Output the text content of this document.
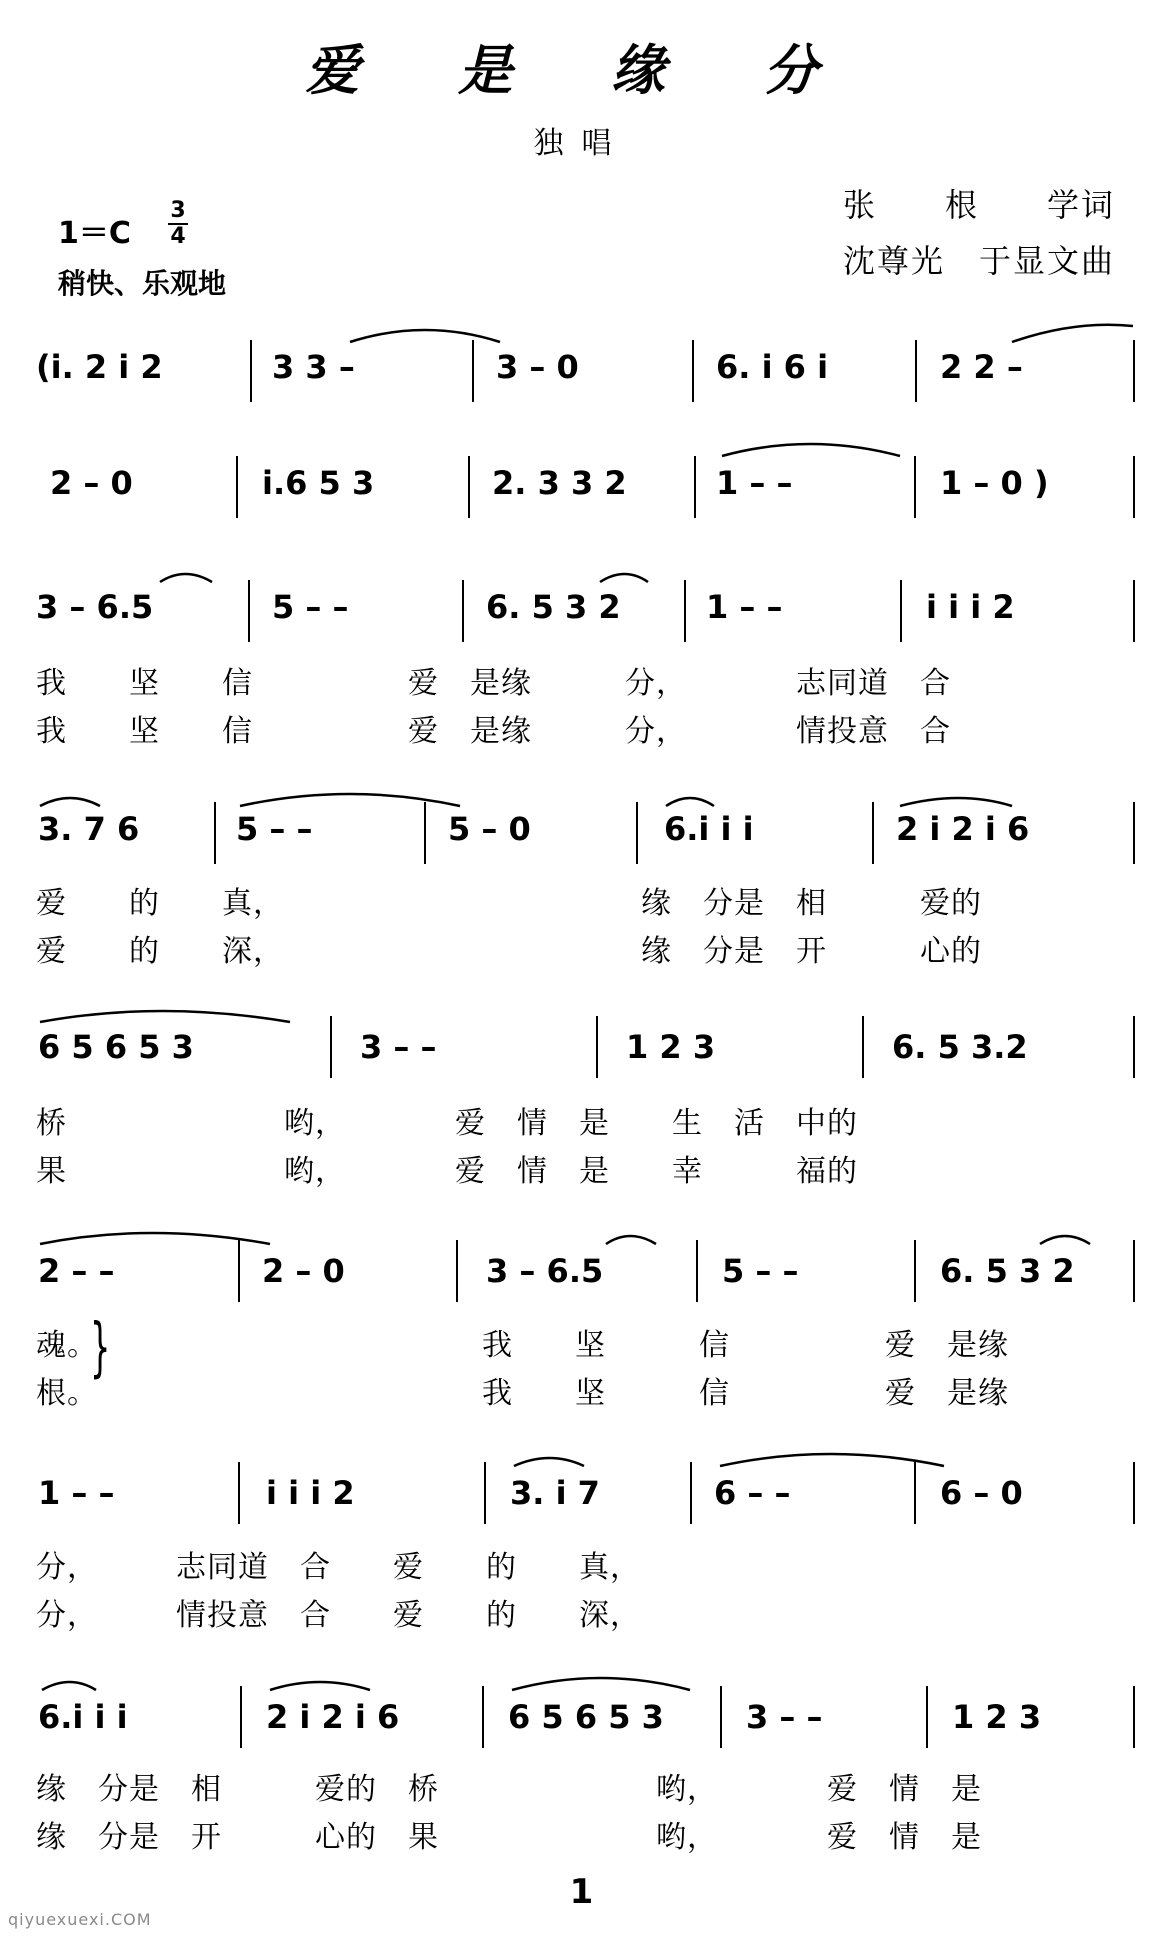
爱 是 缘 分
独唱
1＝C
3
4
稍快、乐观地
张　　根　　学词
沈尊光　于显文曲
(i. 2 i 2	3 3 –	3 – 0	6. i 6 i	2 2 –
2 – 0	i.6 5 3	2. 3 3 2	1 – –	1 – 0 )
3 – 6.5	5 – –	6. 5 3 2	1 – –	i i i 2
我　　坚　　信　　　　　爱　是缘　　　分，　　　　志同道　合
我　　坚　　信　　　　　爱　是缘　　　分，　　　　情投意　合
3. 7 6	5 – –	5 – 0	6.i i i	2 i 2 i 6
爱　　的　　真，　　　　　　　　　　　　缘　分是　相　　　爱的
爱　　的　　深，　　　　　　　　　　　　缘　分是　开　　　心的
6 5 6 5 3	3 – –	1 2 3	6. 5 3.2
桥　　　　　　　哟，　　　　爱　情　是　　生　活　中的
果　　　　　　　哟，　　　　爱　情　是　　幸　　　福的
2 – –	2 – 0	3 – 6.5	5 – –	6. 5 3 2
魂。
根。
}	我　　坚　　　信　　　　　爱　是缘
我　　坚　　　信　　　　　爱　是缘
1 – –	i i i 2	3. i 7	6 – –	6 – 0
分，　　　志同道　合　　爱　　的　　真，
分，　　　情投意　合　　爱　　的　　深，
6.i i i	2 i 2 i 6	6 5 6 5 3	3 – –	1 2 3
缘　分是　相　　　爱的　桥　　　　　　　哟，　　　　爱　情　是
缘　分是　开　　　心的　果　　　　　　　哟，　　　　爱　情　是
1
qiyuexuexi.COM
